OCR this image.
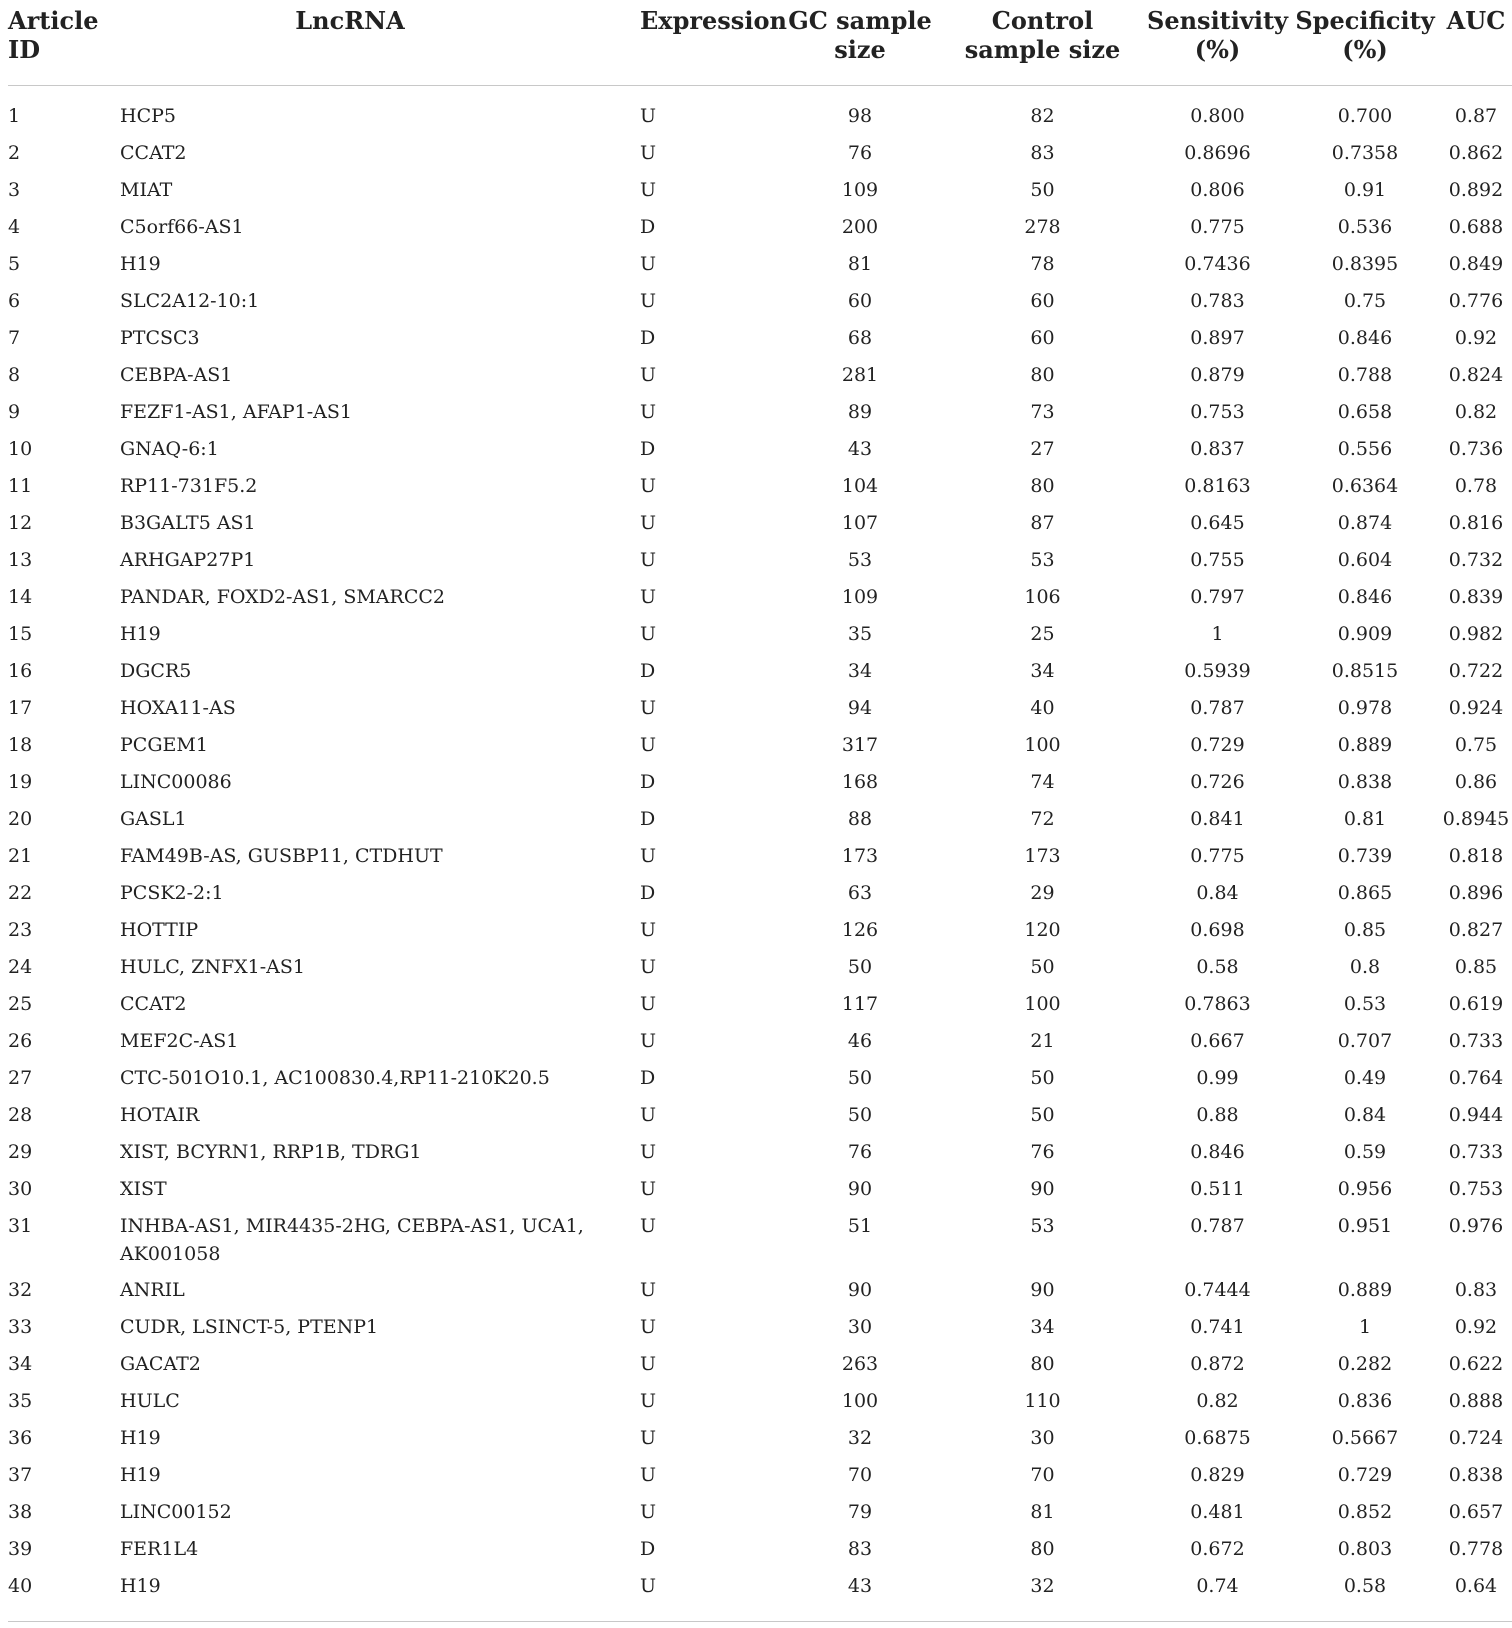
Article ID	LncRNA	Expression	GC sample size	Control sample size	Sensitivity (%)	Specificity (%)	AUC
1	HCP5	U	98	82	0.800	0.700	0.87
2	CCAT2	U	76	83	0.8696	0.7358	0.862
3	MIAT	U	109	50	0.806	0.91	0.892
4	C5orf66-AS1	D	200	278	0.775	0.536	0.688
5	H19	U	81	78	0.7436	0.8395	0.849
6	SLC2A12-10:1	U	60	60	0.783	0.75	0.776
7	PTCSC3	D	68	60	0.897	0.846	0.92
8	CEBPA-AS1	U	281	80	0.879	0.788	0.824
9	FEZF1-AS1, AFAP1-AS1	U	89	73	0.753	0.658	0.82
10	GNAQ-6:1	D	43	27	0.837	0.556	0.736
11	RP11-731F5.2	U	104	80	0.8163	0.6364	0.78
12	B3GALT5 AS1	U	107	87	0.645	0.874	0.816
13	ARHGAP27P1	U	53	53	0.755	0.604	0.732
14	PANDAR, FOXD2-AS1, SMARCC2	U	109	106	0.797	0.846	0.839
15	H19	U	35	25	1	0.909	0.982
16	DGCR5	D	34	34	0.5939	0.8515	0.722
17	HOXA11-AS	U	94	40	0.787	0.978	0.924
18	PCGEM1	U	317	100	0.729	0.889	0.75
19	LINC00086	D	168	74	0.726	0.838	0.86
20	GASL1	D	88	72	0.841	0.81	0.8945
21	FAM49B-AS, GUSBP11, CTDHUT	U	173	173	0.775	0.739	0.818
22	PCSK2-2:1	D	63	29	0.84	0.865	0.896
23	HOTTIP	U	126	120	0.698	0.85	0.827
24	HULC, ZNFX1-AS1	U	50	50	0.58	0.8	0.85
25	CCAT2	U	117	100	0.7863	0.53	0.619
26	MEF2C-AS1	U	46	21	0.667	0.707	0.733
27	CTC-501O10.1, AC100830.4,RP11-210K20.5	D	50	50	0.99	0.49	0.764
28	HOTAIR	U	50	50	0.88	0.84	0.944
29	XIST, BCYRN1, RRP1B, TDRG1	U	76	76	0.846	0.59	0.733
30	XIST	U	90	90	0.511	0.956	0.753
31	INHBA-AS1, MIR4435-2HG, CEBPA-AS1, UCA1, AK001058	U	51	53	0.787	0.951	0.976
32	ANRIL	U	90	90	0.7444	0.889	0.83
33	CUDR, LSINCT-5, PTENP1	U	30	34	0.741	1	0.92
34	GACAT2	U	263	80	0.872	0.282	0.622
35	HULC	U	100	110	0.82	0.836	0.888
36	H19	U	32	30	0.6875	0.5667	0.724
37	H19	U	70	70	0.829	0.729	0.838
38	LINC00152	U	79	81	0.481	0.852	0.657
39	FER1L4	D	83	80	0.672	0.803	0.778
40	H19	U	43	32	0.74	0.58	0.64
